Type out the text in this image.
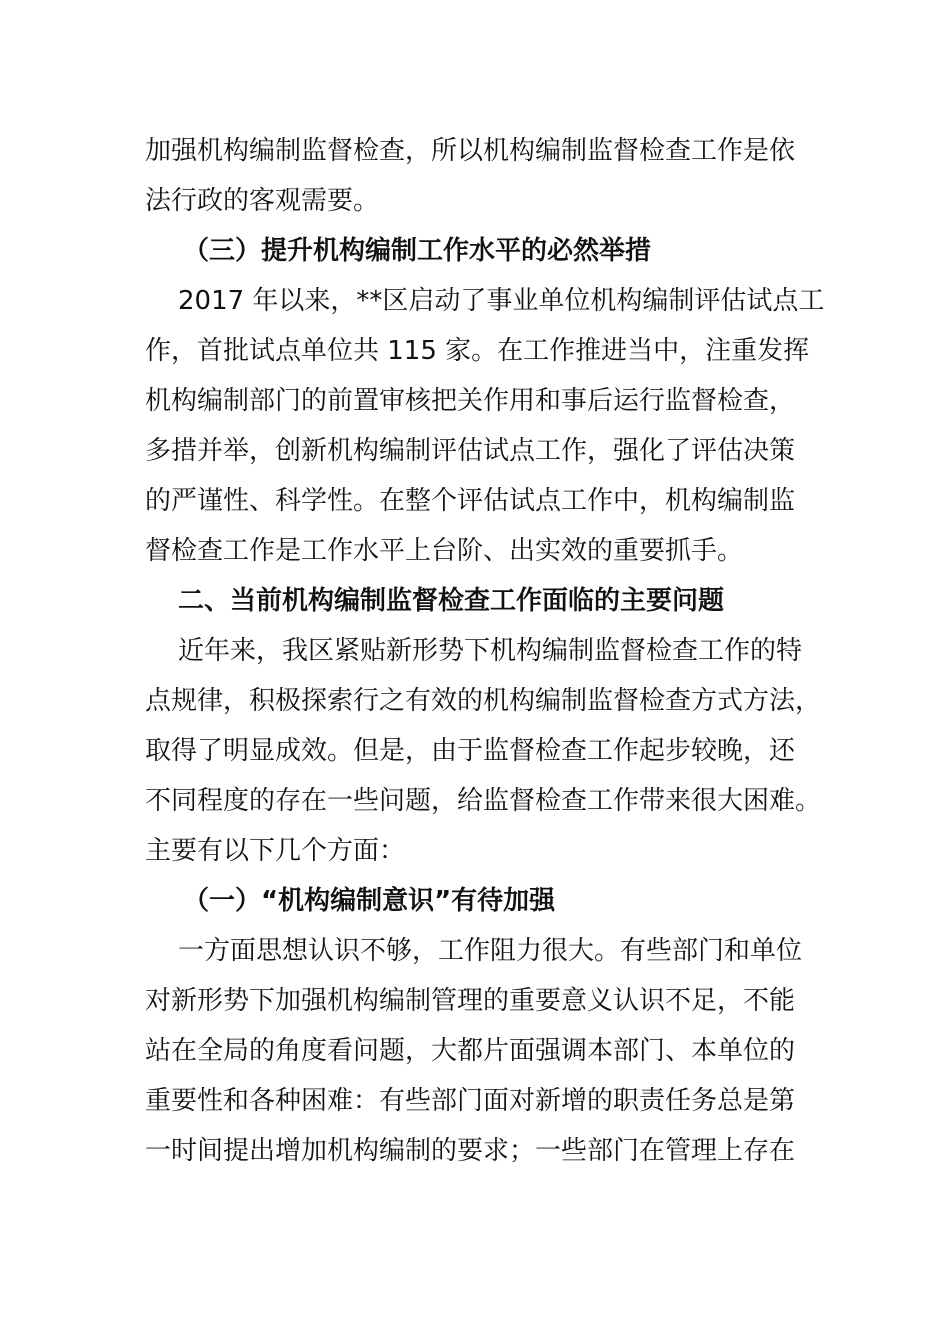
加强机构编制监督检查，所以机构编制监督检查工作是依
法行政的客观需要。
（三）提升机构编制工作水平的必然举措
2017 年以来，**区启动了事业单位机构编制评估试点工
作，首批试点单位共 115 家。在工作推进当中，注重发挥
机构编制部门的前置审核把关作用和事后运行监督检查，
多措并举，创新机构编制评估试点工作，强化了评估决策
的严谨性、科学性。在整个评估试点工作中，机构编制监
督检查工作是工作水平上台阶、出实效的重要抓手。
二、当前机构编制监督检查工作面临的主要问题
近年来，我区紧贴新形势下机构编制监督检查工作的特
点规律，积极探索行之有效的机构编制监督检查方式方法，
取得了明显成效。但是，由于监督检查工作起步较晚，还
不同程度的存在一些问题，给监督检查工作带来很大困难。
主要有以下几个方面：
（一）“机构编制意识”有待加强
一方面思想认识不够，工作阻力很大。有些部门和单位
对新形势下加强机构编制管理的重要意义认识不足，不能
站在全局的角度看问题，大都片面强调本部门、本单位的
重要性和各种困难：有些部门面对新增的职责任务总是第
一时间提出增加机构编制的要求；一些部门在管理上存在
